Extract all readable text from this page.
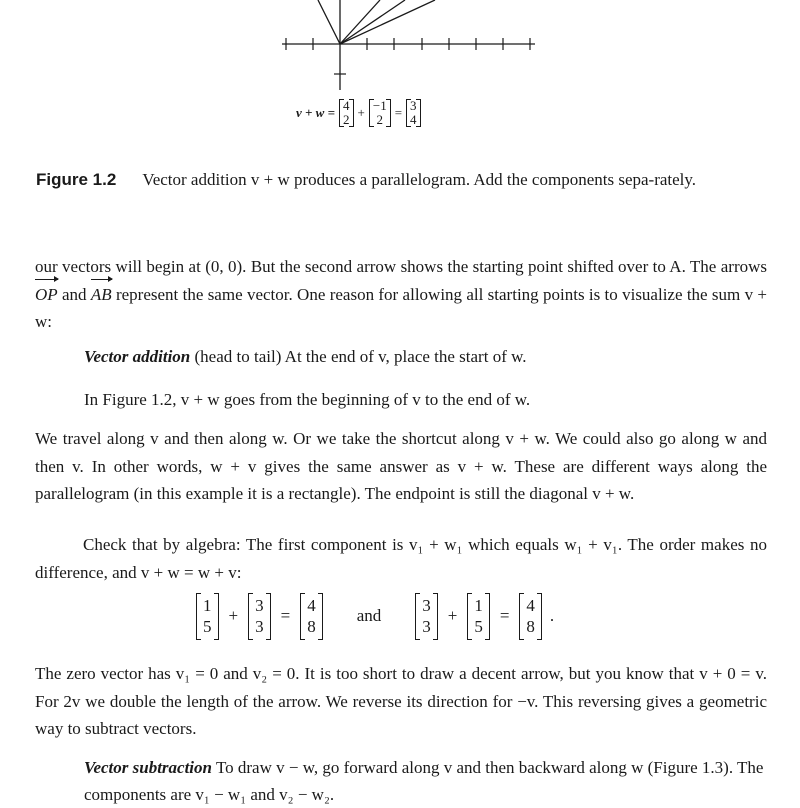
v + w = 4
2 + −1
2 = 3
4
Figure 1.2 Vector addition v + w produces a parallelogram. Add the components sepa-rately.
our vectors will begin at (0, 0). But the second arrow shows the starting point shifted over to A. The arrows OP and AB represent the same vector. One reason for allowing all starting points is to visualize the sum v + w:
Vector addition (head to tail) At the end of v, place the start of w.
In Figure 1.2, v + w goes from the beginning of v to the end of w.
We travel along v and then along w. Or we take the shortcut along v + w. We could also go along w and then v. In other words, w + v gives the same answer as v + w. These are different ways along the parallelogram (in this example it is a rectangle). The endpoint is still the diagonal v + w.
Check that by algebra: The first component is v₁ + w₁ which equals w₁ + v₁. The order makes no difference, and v + w = w + v:
1
5
+
3
3
=
4
8
and
3
3
+
1
5
=
4
8
.
The zero vector has v₁ = 0 and v₂ = 0. It is too short to draw a decent arrow, but you know that v + 0 = v. For 2v we double the length of the arrow. We reverse its direction for −v. This reversing gives a geometric way to subtract vectors.
Vector subtraction To draw v − w, go forward along v and then backward along w (Figure 1.3). The components are v₁ − w₁ and v₂ − w₂.
